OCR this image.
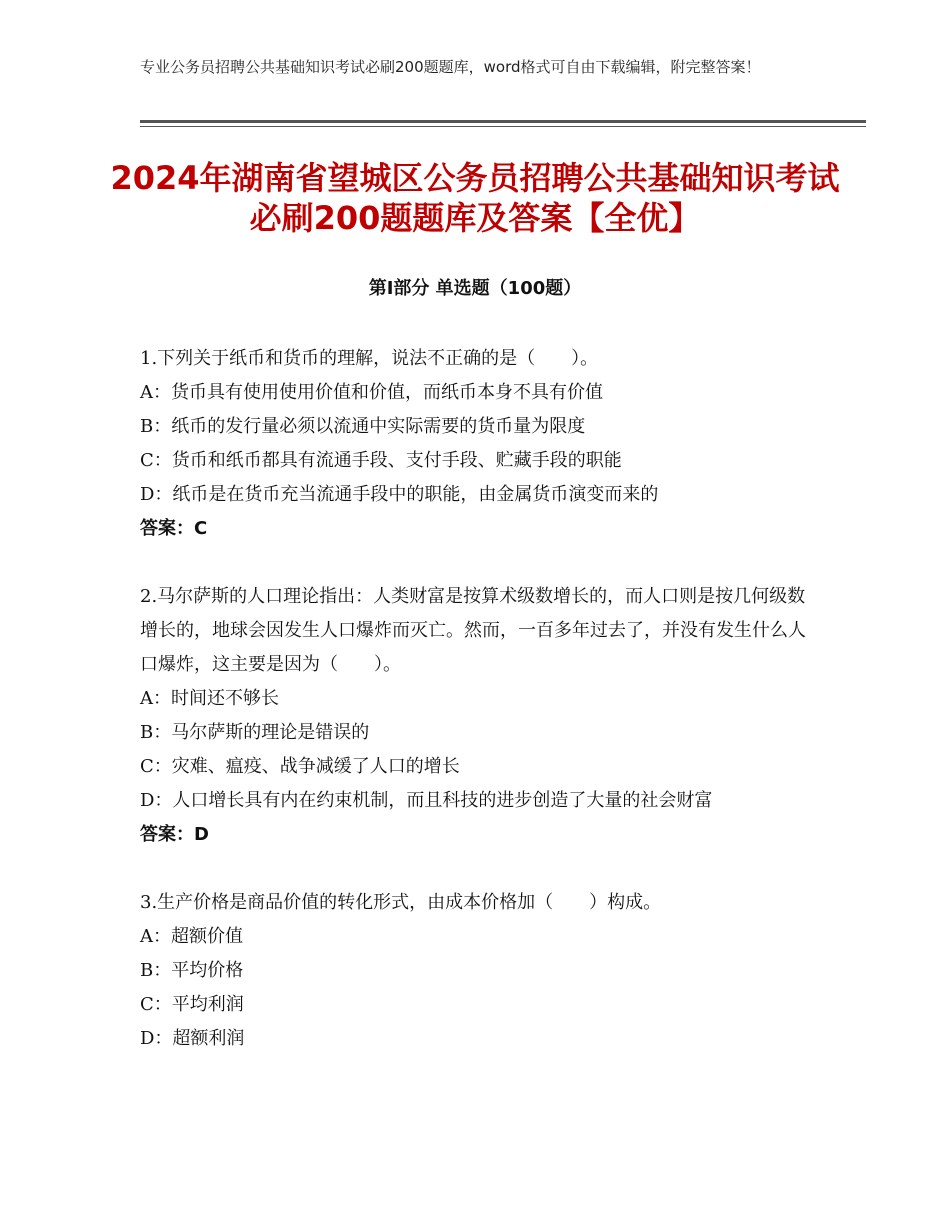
专业公务员招聘公共基础知识考试必刷200题题库，word格式可自由下载编辑，附完整答案！
2024年湖南省望城区公务员招聘公共基础知识考试必刷200题题库及答案【全优】
第Ⅰ部分 单选题（100题）
1.下列关于纸币和货币的理解，说法不正确的是（　　）。
A：货币具有使用使用价值和价值，而纸币本身不具有价值
B：纸币的发行量必须以流通中实际需要的货币量为限度
C：货币和纸币都具有流通手段、支付手段、贮藏手段的职能
D：纸币是在货币充当流通手段中的职能，由金属货币演变而来的
答案：C
2.马尔萨斯的人口理论指出：人类财富是按算术级数增长的，而人口则是按几何级数增长的，地球会因发生人口爆炸而灭亡。然而，一百多年过去了，并没有发生什么人口爆炸，这主要是因为（　　）。
A：时间还不够长
B：马尔萨斯的理论是错误的
C：灾难、瘟疫、战争减缓了人口的增长
D：人口增长具有内在约束机制，而且科技的进步创造了大量的社会财富
答案：D
3.生产价格是商品价值的转化形式，由成本价格加（　　）构成。
A：超额价值
B：平均价格
C：平均利润
D：超额利润
